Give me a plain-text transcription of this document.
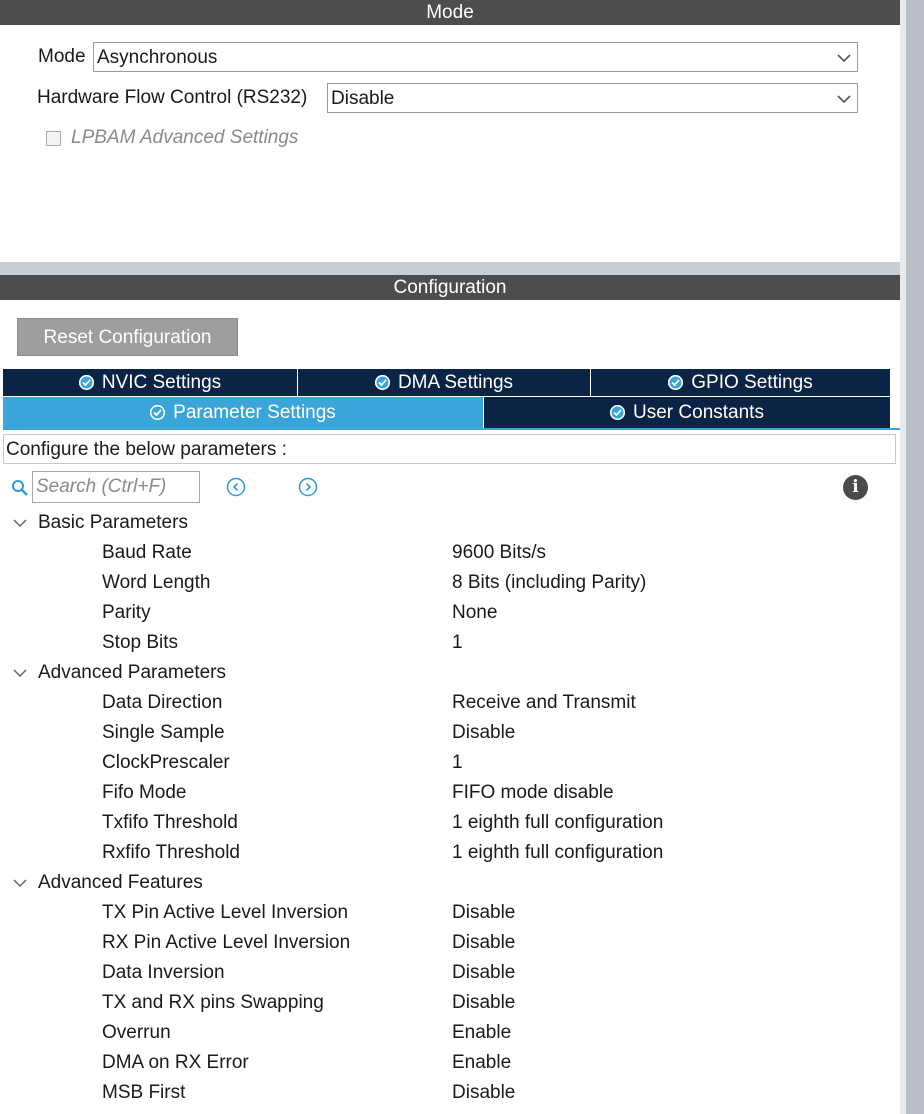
Mode
Mode Asynchronous
Hardware Flow Control (RS232) Disable
LPBAM Advanced Settings
Configuration
Reset Configuration
NVIC Settings	DMA Settings	GPIO Settings
Parameter Settings	User Constants
Configure the below parameters :
Search (Ctrl+F)	i
Basic Parameters
Baud Rate	9600 Bits/s
Word Length	8 Bits (including Parity)
Parity	None
Stop Bits	1
Advanced Parameters
Data Direction	Receive and Transmit
Single Sample	Disable
ClockPrescaler	1
Fifo Mode	FIFO mode disable
Txfifo Threshold	1 eighth full configuration
Rxfifo Threshold	1 eighth full configuration
Advanced Features
TX Pin Active Level Inversion	Disable
RX Pin Active Level Inversion	Disable
Data Inversion	Disable
TX and RX pins Swapping	Disable
Overrun	Enable
DMA on RX Error	Enable
MSB First	Disable
